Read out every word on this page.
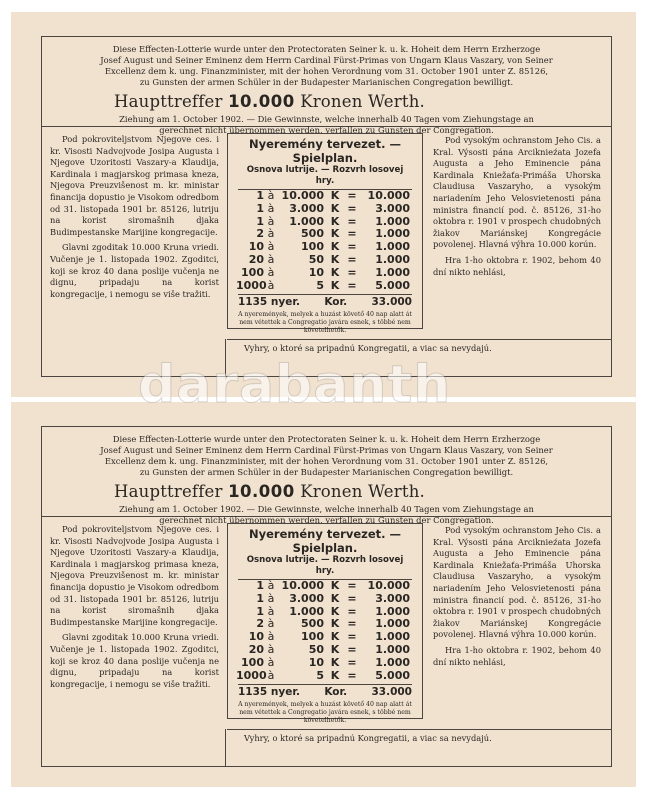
Diese Effecten-Lotterie wurde unter den Protectoraten Seiner k. u. k. Hoheit dem Herrn Erzherzoge
Josef August und Seiner Eminenz dem Herrn Cardinal Fürst-Primas von Ungarn Klaus Vaszary, von Seiner
Excellenz dem k. ung. Finanzminister, mit der hohen Verordnung vom 31. October 1901 unter Z. 85126,
zu Gunsten der armen Schüler in der Budapester Marianischen Congregation bewilligt.
Haupttreffer 10.000 Kronen Werth.
Ziehung am 1. October 1902. — Die Gewinnste, welche innerhalb 40 Tagen vom Ziehungstage an
gerechnet nicht übernommen werden, verfallen zu Gunsten der Congregation.

Pod pokroviteljstvom Njegove ces. i kr. Visosti Nadvojvode Josipa Augusta i Njegove Uzoritosti Vaszary-a Klaudija, Kardinala i magjarskog primasa kneza, Njegova Preuzvišenost m. kr. ministar financija dopustio je Visokom odredbom od 31. listopada 1901 br. 85126, lutriju na korist siromašnih djaka Budimpestanske Marijine kongregacije.

Glavni zgoditak 10.000 Kruna vriedi. Vučenje je 1. listopada 1902. Zgoditci, koji se kroz 40 dana poslije vučenja ne dignu, pripadaju na korist kongregacije, i nemogu se više tražiti.

Nyeremény tervezet. — Spielplan.
Osnova lutrije. — Rozvrh losovej hry.
1 à 10.000 K = 10.000
1 à	3.000 K =	3.000
1 à	1.000 K =	1.000
2 à	500 K =	1.000
10 à	100 K =	1.000
20 à	50 K =	1.000
100 à	10 K =	1.000
1000 à	5 K =	5.000
1135 nyer. Kor. 33.000
A nyeremények, melyek a huzást követő 40 nap alatt át nem vétettek a Congregatio javára esnek, s többé nem követelhetők.

Pod vysokým ochranstom Jeho Cis. a Kral. Výsosti pána Arciknieźata Jozefa Augusta a Jeho Eminencie pána Kardinala Kniežaťa-Primáša Uhorska Claudiusa Vaszaryho, a vysokým nariadením Jeho Velosvietenosti pána ministra financií pod. č. 85126, 31-ho oktobra r. 1901 v prospech chudobných žiakov Mariánskej Kongregácie povolenej. Hlavná výhra 10.000 korún.

Hra 1-ho oktobra r. 1902, behom 40 dní nikto nehlási,

Vyhry, o ktoré sa pripadnú Kongregatii, a viac sa nevydajú.

Diese Effecten-Lotterie wurde unter den Protectoraten Seiner k. u. k. Hoheit dem Herrn Erzherzoge
Josef August und Seiner Eminenz dem Herrn Cardinal Fürst-Primas von Ungarn Klaus Vaszary, von Seiner
Excellenz dem k. ung. Finanzminister, mit der hohen Verordnung vom 31. October 1901 unter Z. 85126,
zu Gunsten der armen Schüler in der Budapester Marianischen Congregation bewilligt.
Haupttreffer 10.000 Kronen Werth.
Ziehung am 1. October 1902. — Die Gewinnste, welche innerhalb 40 Tagen vom Ziehungstage an
gerechnet nicht übernommen werden, verfallen zu Gunsten der Congregation.

Pod pokroviteljstvom Njegove ces. i kr. Visosti Nadvojvode Josipa Augusta i Njegove Uzoritosti Vaszary-a Klaudija, Kardinala i magjarskog primasa kneza, Njegova Preuzvišenost m. kr. ministar financija dopustio je Visokom odredbom od 31. listopada 1901 br. 85126, lutriju na korist siromašnih djaka Budimpestanske Marijine kongregacije.

Glavni zgoditak 10.000 Kruna vriedi. Vučenje je 1. listopada 1902. Zgoditci, koji se kroz 40 dana poslije vučenja ne dignu, pripadaju na korist kongregacije, i nemogu se više tražiti.

Nyeremény tervezet. — Spielplan.
Osnova lutrije. — Rozvrh losovej hry.
1 à 10.000 K = 10.000
1 à	3.000 K =	3.000
1 à	1.000 K =	1.000
2 à	500 K =	1.000
10 à	100 K =	1.000
20 à	50 K =	1.000
100 à	10 K =	1.000
1000 à	5 K =	5.000
1135 nyer. Kor. 33.000
A nyeremények, melyek a huzást követő 40 nap alatt át nem vétettek a Congregatio javára esnek, s többé nem követelhetők.

Pod vysokým ochranstom Jeho Cis. a Kral. Výsosti pána Arciknieźata Jozefa Augusta a Jeho Eminencie pána Kardinala Kniežaťa-Primáša Uhorska Claudiusa Vaszaryho, a vysokým nariadením Jeho Velosvietenosti pána ministra financií pod. č. 85126, 31-ho oktobra r. 1901 v prospech chudobných žiakov Mariánskej Kongregácie povolenej. Hlavná výhra 10.000 korún.

Hra 1-ho oktobra r. 1902, behom 40 dní nikto nehlási,

Vyhry, o ktoré sa pripadnú Kongregatii, a viac sa nevydajú.

darabanth
